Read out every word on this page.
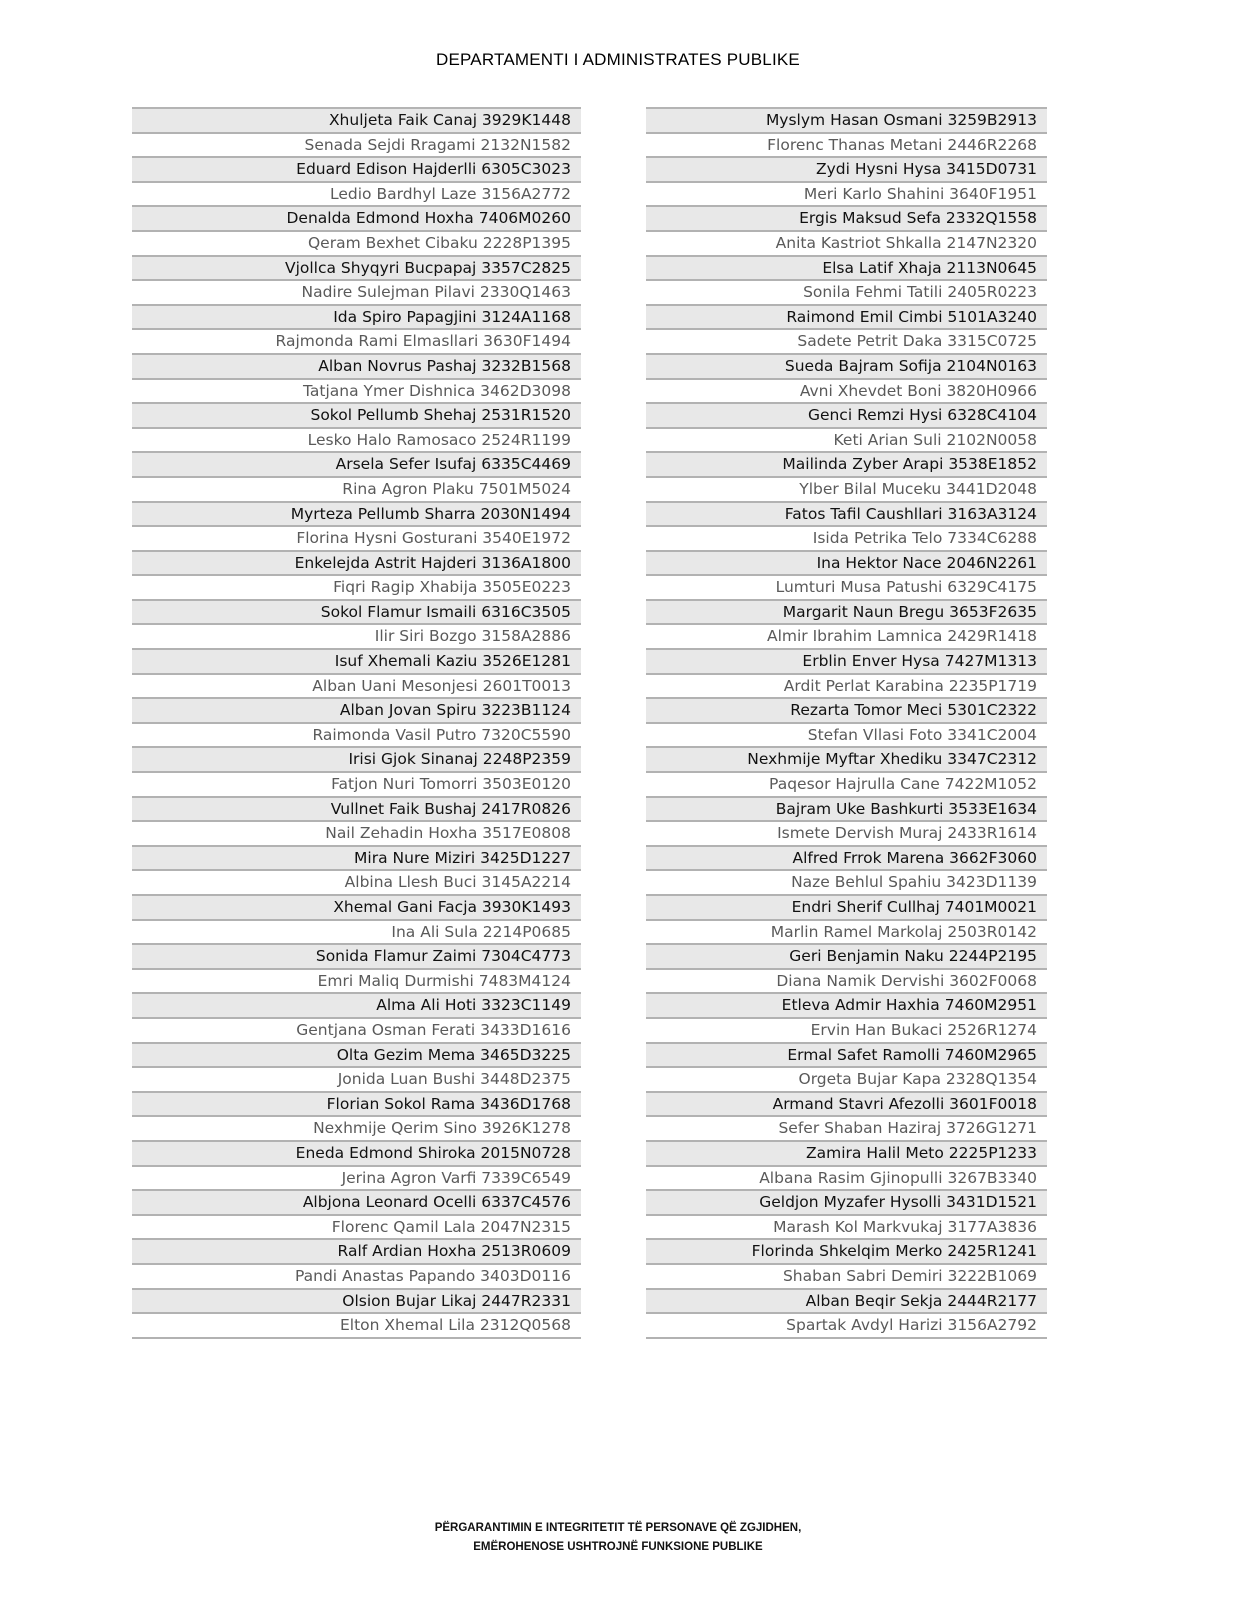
DEPARTAMENTI I ADMINISTRATES PUBLIKE
Xhuljeta Faik Canaj 3929K1448
Senada Sejdi Rragami 2132N1582
Eduard Edison Hajderlli 6305C3023
Ledio Bardhyl Laze 3156A2772
Denalda Edmond Hoxha 7406M0260
Qeram Bexhet Cibaku 2228P1395
Vjollca Shyqyri Bucpapaj 3357C2825
Nadire Sulejman Pilavi 2330Q1463
Ida Spiro Papagjini 3124A1168
Rajmonda Rami Elmasllari 3630F1494
Alban Novrus Pashaj 3232B1568
Tatjana Ymer Dishnica 3462D3098
Sokol Pellumb Shehaj 2531R1520
Lesko Halo Ramosaco 2524R1199
Arsela Sefer Isufaj 6335C4469
Rina Agron Plaku 7501M5024
Myrteza Pellumb Sharra 2030N1494
Florina Hysni Gosturani 3540E1972
Enkelejda Astrit Hajderi 3136A1800
Fiqri Ragip Xhabija 3505E0223
Sokol Flamur Ismaili 6316C3505
Ilir Siri Bozgo 3158A2886
Isuf Xhemali Kaziu 3526E1281
Alban Uani Mesonjesi 2601T0013
Alban Jovan Spiru 3223B1124
Raimonda Vasil Putro 7320C5590
Irisi Gjok Sinanaj 2248P2359
Fatjon Nuri Tomorri 3503E0120
Vullnet Faik Bushaj 2417R0826
Nail Zehadin Hoxha 3517E0808
Mira Nure Miziri 3425D1227
Albina Llesh Buci 3145A2214
Xhemal Gani Facja 3930K1493
Ina Ali Sula 2214P0685
Sonida Flamur Zaimi 7304C4773
Emri Maliq Durmishi 7483M4124
Alma Ali Hoti 3323C1149
Gentjana Osman Ferati 3433D1616
Olta Gezim Mema 3465D3225
Jonida Luan Bushi 3448D2375
Florian Sokol Rama 3436D1768
Nexhmije Qerim Sino 3926K1278
Eneda Edmond Shiroka 2015N0728
Jerina Agron Varfi 7339C6549
Albjona Leonard Ocelli 6337C4576
Florenc Qamil Lala 2047N2315
Ralf Ardian Hoxha 2513R0609
Pandi Anastas Papando 3403D0116
Olsion Bujar Likaj 2447R2331
Elton Xhemal Lila 2312Q0568
Myslym Hasan Osmani 3259B2913
Florenc Thanas Metani 2446R2268
Zydi Hysni Hysa 3415D0731
Meri Karlo Shahini 3640F1951
Ergis Maksud Sefa 2332Q1558
Anita Kastriot Shkalla 2147N2320
Elsa Latif Xhaja 2113N0645
Sonila Fehmi Tatili 2405R0223
Raimond Emil Cimbi 5101A3240
Sadete Petrit Daka 3315C0725
Sueda Bajram Sofija 2104N0163
Avni Xhevdet Boni 3820H0966
Genci Remzi Hysi 6328C4104
Keti Arian Suli 2102N0058
Mailinda Zyber Arapi 3538E1852
Ylber Bilal Muceku 3441D2048
Fatos Tafil Caushllari 3163A3124
Isida Petrika Telo 7334C6288
Ina Hektor Nace 2046N2261
Lumturi Musa Patushi 6329C4175
Margarit Naun Bregu 3653F2635
Almir Ibrahim Lamnica 2429R1418
Erblin Enver Hysa 7427M1313
Ardit Perlat Karabina 2235P1719
Rezarta Tomor Meci 5301C2322
Stefan Vllasi Foto 3341C2004
Nexhmije Myftar Xhediku 3347C2312
Paqesor Hajrulla Cane 7422M1052
Bajram Uke Bashkurti 3533E1634
Ismete Dervish Muraj 2433R1614
Alfred Frrok Marena 3662F3060
Naze Behlul Spahiu 3423D1139
Endri Sherif Cullhaj 7401M0021
Marlin Ramel Markolaj 2503R0142
Geri Benjamin Naku 2244P2195
Diana Namik Dervishi 3602F0068
Etleva Admir Haxhia 7460M2951
Ervin Han Bukaci 2526R1274
Ermal Safet Ramolli 7460M2965
Orgeta Bujar Kapa 2328Q1354
Armand Stavri Afezolli 3601F0018
Sefer Shaban Haziraj 3726G1271
Zamira Halil Meto 2225P1233
Albana Rasim Gjinopulli 3267B3340
Geldjon Myzafer Hysolli 3431D1521
Marash Kol Markvukaj 3177A3836
Florinda Shkelqim Merko 2425R1241
Shaban Sabri Demiri 3222B1069
Alban Beqir Sekja 2444R2177
Spartak Avdyl Harizi 3156A2792
PËRGARANTIMIN E INTEGRITETIT TË PERSONAVE QË ZGJIDHEN,
EMËROHENOSE USHTROJNË FUNKSIONE PUBLIKE
